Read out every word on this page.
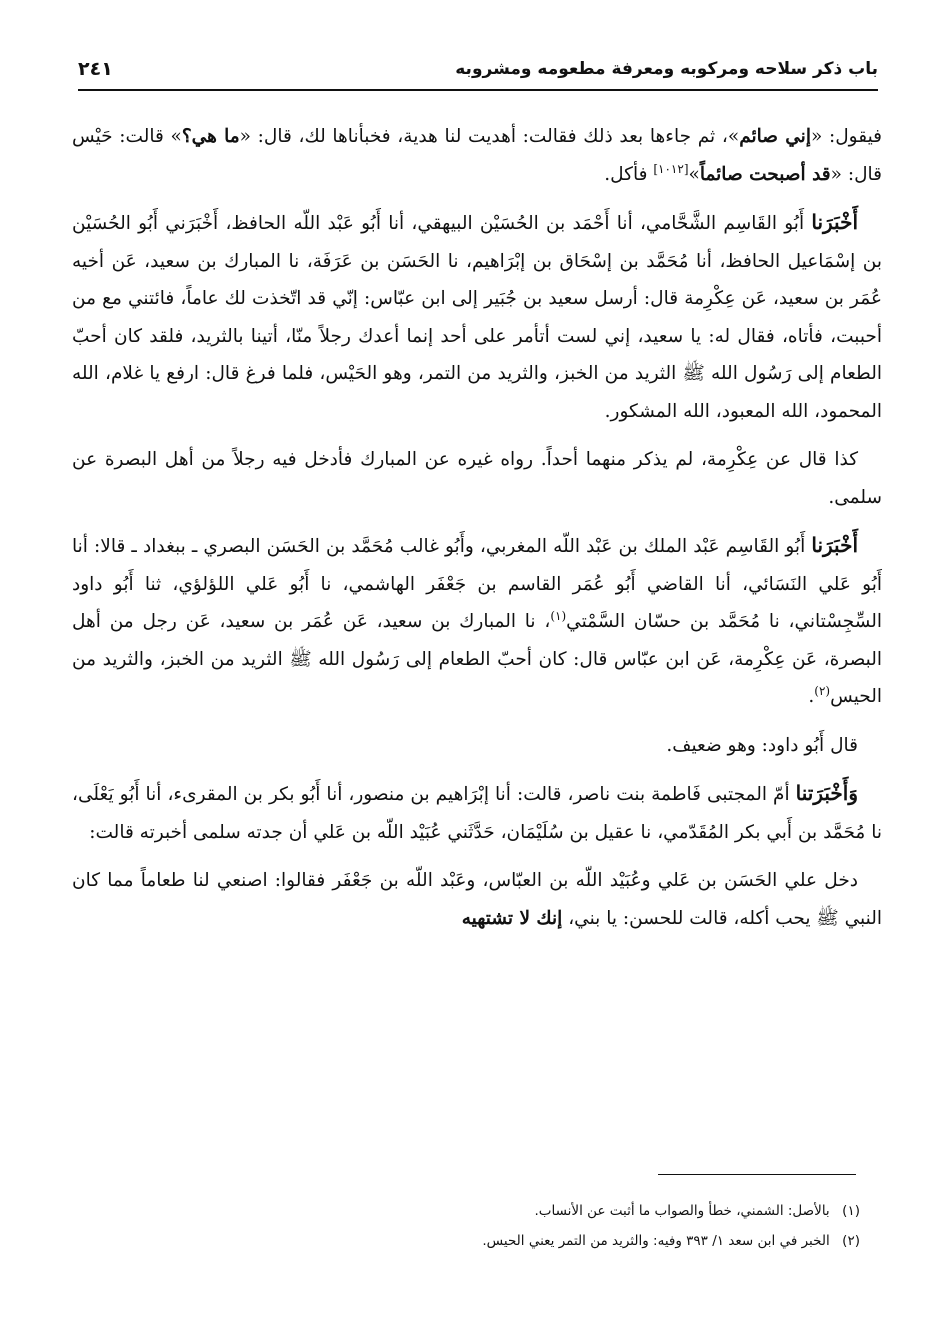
باب ذكر سلاحه ومركوبه ومعرفة مطعومه ومشروبه
٢٤١

فيقول: «إني صائم»، ثم جاءها بعد ذلك فقالت: أهديت لنا هدية، فخبأناها لك، قال: «ما هي؟» قالت: حَيْس قال: «قد أصبحت صائماً»[١٠١٢] فأكل.

أَخْبَرَنا أَبُو القَاسِم الشَّحَّامي، أنا أَحْمَد بن الحُسَيْن البيهقي، أنا أَبُو عَبْد اللّه الحافظ، أَخْبَرَني أَبُو الحُسَيْن بن إسْمَاعيل الحافظ، أنا مُحَمَّد بن إسْحَاق بن إبْرَاهيم، نا الحَسَن بن عَرَفَة، نا المبارك بن سعيد، عَن أخيه عُمَر بن سعيد، عَن عِكْرِمة قال: أرسل سعيد بن جُبَير إلى ابن عبّاس: إنّي قد اتّخذت لك عاماً، فائتني مع من أحببت، فأتاه، فقال له: يا سعيد، إني لست أتأمر على أحد إنما أعدك رجلاً منّا، أتينا بالثريد، فلقد كان أحبّ الطعام إلى رَسُول الله ﷺ الثريد من الخبز، والثريد من التمر، وهو الحَيْس، فلما فرغ قال: ارفع يا غلام، الله المحمود، الله المعبود، الله المشكور.

كذا قال عن عِكْرِمة، لم يذكر منهما أحداً. رواه غيره عن المبارك فأدخل فيه رجلاً من أهل البصرة عن سلمى.

أَخْبَرَنا أَبُو القَاسِم عَبْد الملك بن عَبْد اللّه المغربي، وأَبُو غالب مُحَمَّد بن الحَسَن البصري ـ ببغداد ـ قالا: أنا أَبُو عَلي النَسَائي، أنا القاضي أَبُو عُمَر القاسم بن جَعْفَر الهاشمي، نا أَبُو عَلي اللؤلؤي، ثنا أَبُو داود السِّجِسْتاني، نا مُحَمَّد بن حسّان السَّمْتي$^{(١)}$، نا المبارك بن سعيد، عَن عُمَر بن سعيد، عَن رجل من أهل البصرة، عَن عِكْرِمة، عَن ابن عبّاس قال: كان أحبّ الطعام إلى رَسُول الله ﷺ الثريد من الخبز، والثريد من الحيس$^{(٢)}$.

قال أَبُو داود: وهو ضعيف.

وَأَخْبَرَتنا أمّ المجتبى فَاطمة بنت ناصر، قالت: أنا إبْرَاهيم بن منصور، أنا أَبُو بكر بن المقرىء، أنا أَبُو يَعْلَى، نا مُحَمَّد بن أَبي بكر المُقَدّمي، نا عقيل بن سُلَيْمَان، حَدَّثَني عُبَيْد اللّه بن عَلي أن جدته سلمى أخبرته قالت:

دخل علي الحَسَن بن عَلي وعُبَيْد اللّه بن العبّاس، وعَبْد اللّه بن جَعْفَر فقالوا: اصنعي لنا طعاماً مما كان النبي ﷺ يحب أكله، قالت للحسن: يا بني، إنك لا تشتهيه

(١) بالأصل: الشمني، خطأ والصواب ما أثبت عن الأنساب.

(٢) الخبر في ابن سعد ١/ ٣٩٣ وفيه: والثريد من التمر يعني الحيس.
